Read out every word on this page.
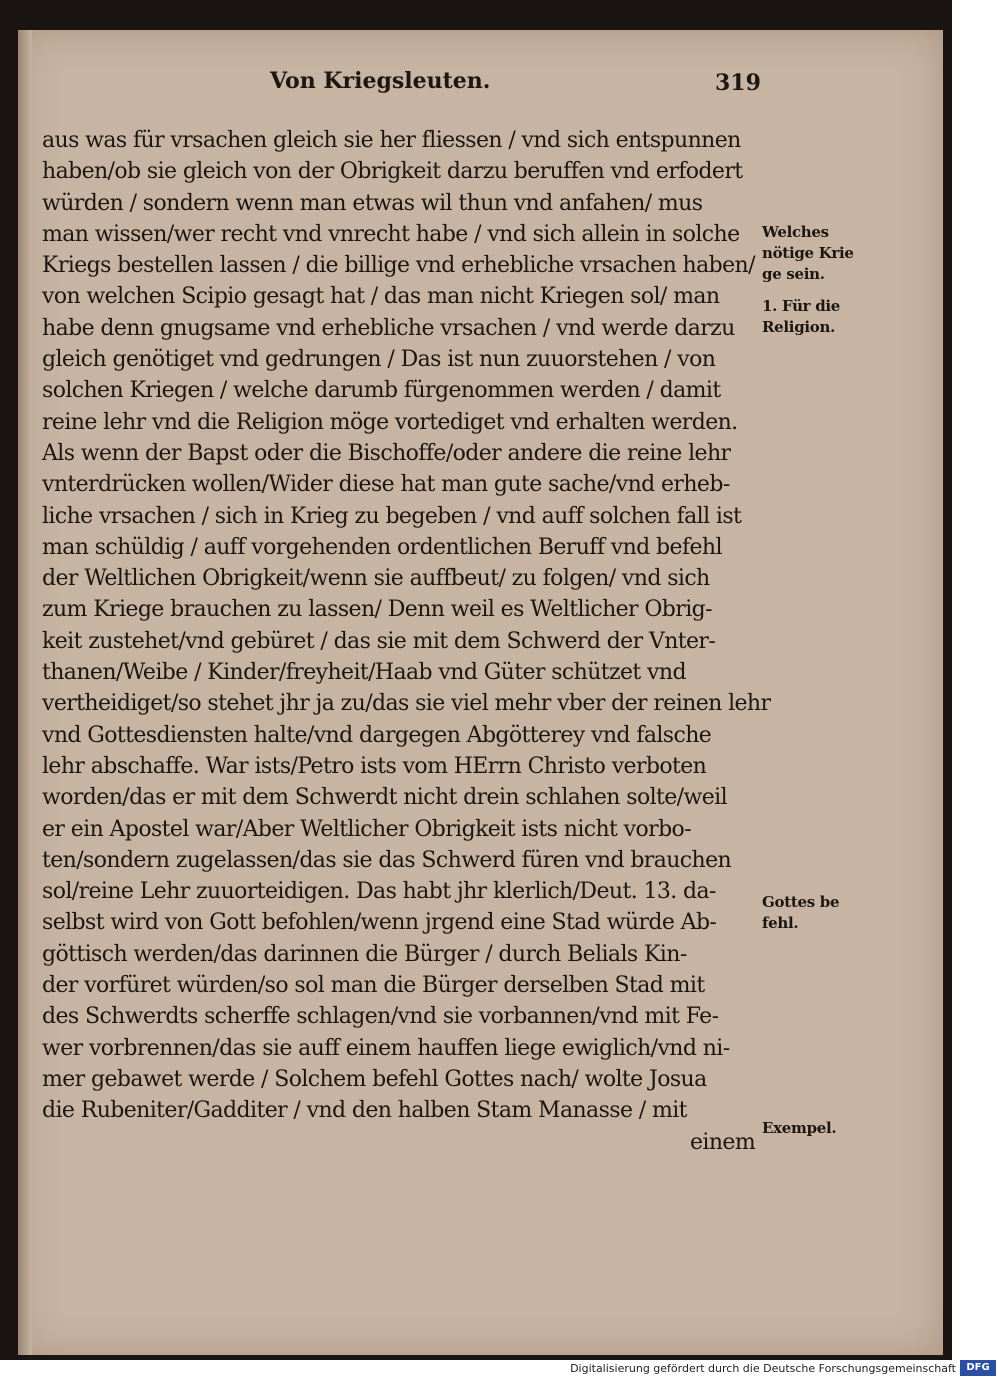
Von Kriegsleuten.	319
aus was für vrsachen gleich sie her fliessen / vnd sich entspunnen
haben/ob sie gleich von der Obrigkeit darzu beruffen vnd erfodert
würden / sondern wenn man etwas wil thun vnd anfahen/ mus
man wissen/wer recht vnd vnrecht habe / vnd sich allein in solche
Kriegs bestellen lassen / die billige vnd erhebliche vrsachen haben/
von welchen Scipio gesagt hat / das man nicht Kriegen sol/ man
habe denn gnugsame vnd erhebliche vrsachen / vnd werde darzu
gleich genötiget vnd gedrungen / Das ist nun zuuorstehen / von
solchen Kriegen / welche darumb fürgenommen werden / damit
reine lehr vnd die Religion möge vortediget vnd erhalten werden.
Als wenn der Bapst oder die Bischoffe/oder andere die reine lehr
vnterdrücken wollen/Wider diese hat man gute sache/vnd erheb-
liche vrsachen / sich in Krieg zu begeben / vnd auff solchen fall ist
man schüldig / auff vorgehenden ordentlichen Beruff vnd befehl
der Weltlichen Obrigkeit/wenn sie auffbeut/ zu folgen/ vnd sich
zum Kriege brauchen zu lassen/ Denn weil es Weltlicher Obrig-
keit zustehet/vnd gebüret / das sie mit dem Schwerd der Vnter-
thanen/Weibe / Kinder/freyheit/Haab vnd Güter schützet vnd
vertheidiget/so stehet jhr ja zu/das sie viel mehr vber der reinen lehr
vnd Gottesdiensten halte/vnd dargegen Abgötterey vnd falsche
lehr abschaffe. War ists/Petro ists vom HErrn Christo verboten
worden/das er mit dem Schwerdt nicht drein schlahen solte/weil
er ein Apostel war/Aber Weltlicher Obrigkeit ists nicht vorbo-
ten/sondern zugelassen/das sie das Schwerd füren vnd brauchen
sol/reine Lehr zuuorteidigen. Das habt jhr klerlich/Deut. 13. da-
selbst wird von Gott befohlen/wenn jrgend eine Stad würde Ab-
göttisch werden/das darinnen die Bürger / durch Belials Kin-
der vorfüret würden/so sol man die Bürger derselben Stad mit
des Schwerdts scherffe schlagen/vnd sie vorbannen/vnd mit Fe-
wer vorbrennen/das sie auff einem hauffen liege ewiglich/vnd ni-
mer gebawet werde / Solchem befehl Gottes nach/ wolte Josua
die Rubeniter/Gadditer / vnd den halben Stam Manasse / mit
einem
Welches
nötige Krie
ge sein.
1. Für die
Religion.
Gottes be
fehl.
Exempel.
Digitalisierung gefördert durch die Deutsche Forschungsgemeinschaft	DFG
